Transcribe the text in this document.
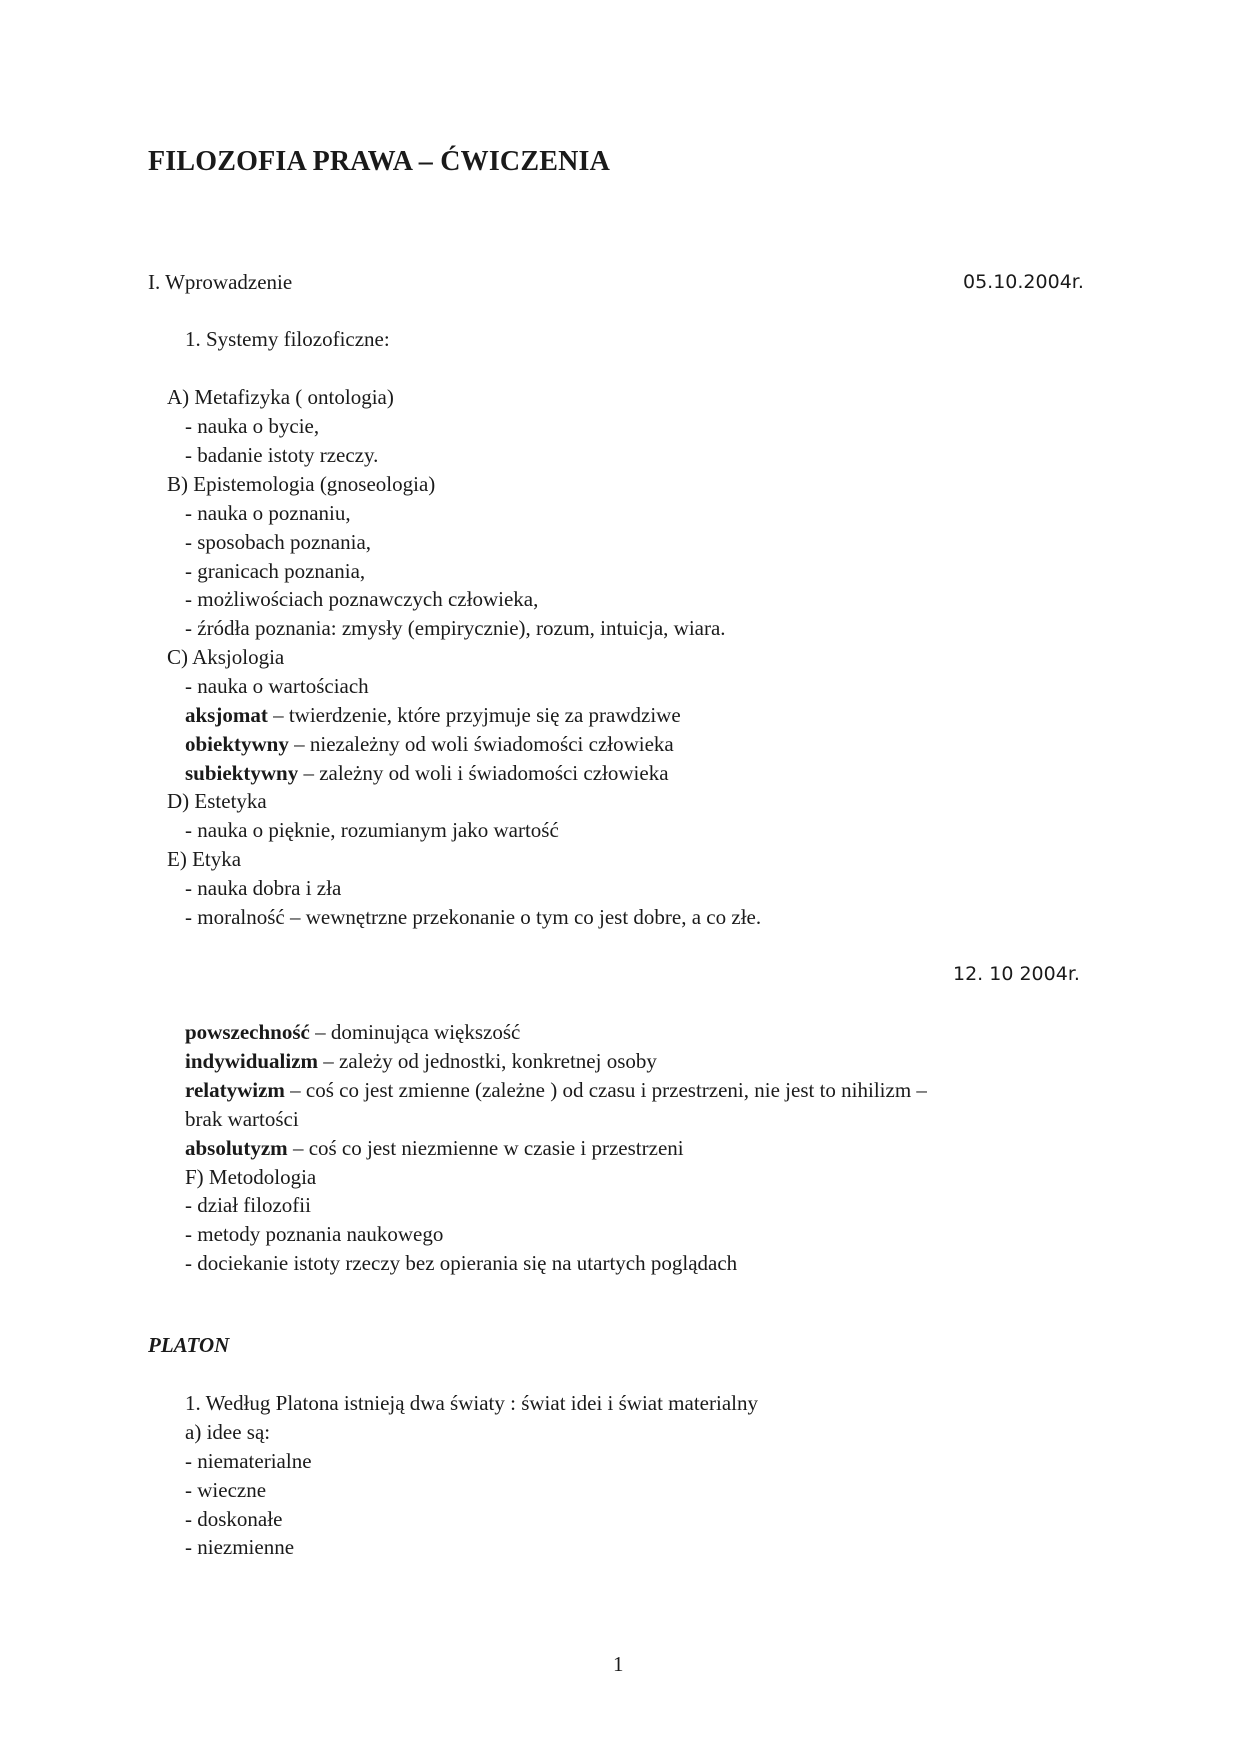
FILOZOFIA PRAWA – ĆWICZENIA
I. Wprowadzenie	05.10.2004r.
1. Systemy filozoficzne:
A) Metafizyka ( ontologia)
- nauka o bycie,
- badanie istoty rzeczy.
B) Epistemologia (gnoseologia)
- nauka o poznaniu,
- sposobach poznania,
- granicach poznania,
- możliwościach poznawczych człowieka,
- źródła poznania: zmysły (empirycznie), rozum, intuicja, wiara.
C) Aksjologia
- nauka o wartościach
aksjomat – twierdzenie, które przyjmuje się za prawdziwe
obiektywny – niezależny od woli świadomości człowieka
subiektywny – zależny od woli i świadomości człowieka
D) Estetyka
- nauka o pięknie, rozumianym jako wartość
E) Etyka
- nauka dobra i zła
- moralność – wewnętrzne przekonanie o tym co jest dobre, a co złe.
12. 10 2004r.
powszechność – dominująca większość
indywidualizm – zależy od jednostki, konkretnej osoby
relatywizm – coś co jest zmienne (zależne ) od czasu i przestrzeni, nie jest to nihilizm –
brak wartości
absolutyzm – coś co jest niezmienne w czasie i przestrzeni
F) Metodologia
- dział filozofii
- metody poznania naukowego
- dociekanie istoty rzeczy bez opierania się na utartych poglądach
PLATON
1. Według Platona istnieją dwa światy : świat idei i świat materialny
a) idee są:
- niematerialne
- wieczne
- doskonałe
- niezmienne
1
